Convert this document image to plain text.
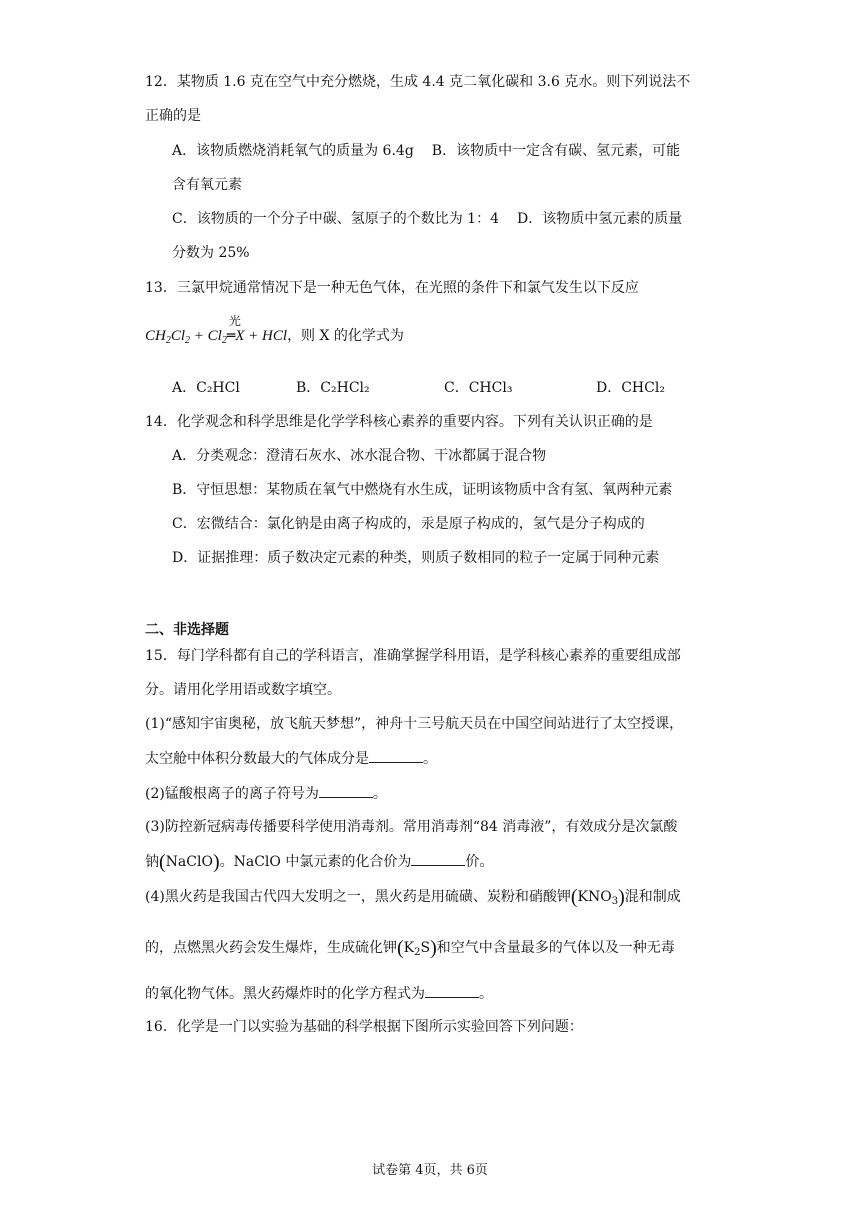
12．某物质 1.6 克在空气中充分燃烧，生成 4.4 克二氧化碳和 3.6 克水。则下列说法不
正确的是
A．该物质燃烧消耗氧气的质量为 6.4g B．该物质中一定含有碳、氢元素，可能
含有氧元素
C．该物质的一个分子中碳、氢原子的个数比为 1：4 D．该物质中氢元素的质量
分数为 25%
13．三氯甲烷通常情况下是一种无色气体，在光照的条件下和氯气发生以下反应
$CH_2Cl_2 + Cl_2$
光
═X + HCl，则 X 的化学式为
A．C₂HCl	B．C₂HCl₂	C．CHCl₃	D．CHCl₂
14．化学观念和科学思维是化学学科核心素养的重要内容。下列有关认识正确的是
A．分类观念：澄清石灰水、冰水混合物、干冰都属于混合物
B．守恒思想：某物质在氧气中燃烧有水生成，证明该物质中含有氢、氧两种元素
C．宏微结合：氯化钠是由离子构成的，汞是原子构成的，氢气是分子构成的
D．证据推理：质子数决定元素的种类，则质子数相同的粒子一定属于同种元素
二、非选择题
15．每门学科都有自己的学科语言，准确掌握学科用语，是学科核心素养的重要组成部
分。请用化学用语或数字填空。
(1)“感知宇宙奥秘，放飞航天梦想”，神舟十三号航天员在中国空间站进行了太空授课，
太空舱中体积分数最大的气体成分是	。
(2)锰酸根离子的离子符号为	。
(3)防控新冠病毒传播要科学使用消毒剂。常用消毒剂“84 消毒液”，有效成分是次氯酸
钠(NaClO)。NaClO 中氯元素的化合价为	价。
(4)黑火药是我国古代四大发明之一，黑火药是用硫磺、炭粉和硝酸钾$(KNO_3)$混和制成
的，点燃黑火药会发生爆炸，生成硫化钾$(K_2S)$和空气中含量最多的气体以及一种无毒
的氧化物气体。黑火药爆炸时的化学方程式为	。
16．化学是一门以实验为基础的科学根据下图所示实验回答下列问题：
试卷第 4页，共 6页
